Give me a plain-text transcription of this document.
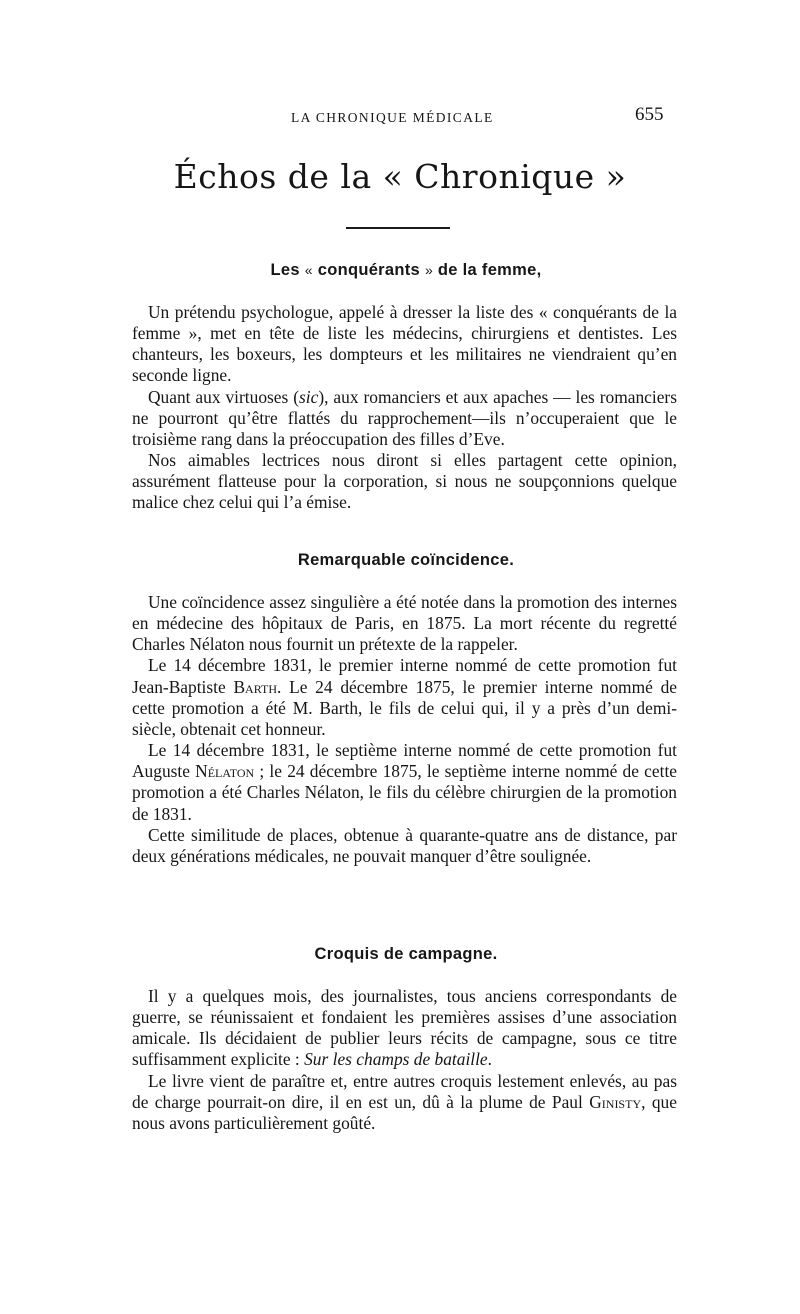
LA CHRONIQUE MÉDICALE	655
Échos de la « Chronique »
Les « conquérants » de la femme,

Un prétendu psychologue, appelé à dresser la liste des « conquérants de la femme », met en tête de liste les médecins, chirurgiens et dentistes. Les chanteurs, les boxeurs, les dompteurs et les militaires ne viendraient qu’en seconde ligne.

Quant aux virtuoses (sic), aux romanciers et aux apaches — les romanciers ne pourront qu’être flattés du rapprochement—ils n’occuperaient que le troisième rang dans la préoccupation des filles d’Eve.

Nos aimables lectrices nous diront si elles partagent cette opinion, assurément flatteuse pour la corporation, si nous ne soupçonnions quelque malice chez celui qui l’a émise.

Remarquable coïncidence.

Une coïncidence assez singulière a été notée dans la promotion des internes en médecine des hôpitaux de Paris, en 1875. La mort récente du regretté Charles Nélaton nous fournit un prétexte de la rappeler.

Le 14 décembre 1831, le premier interne nommé de cette promotion fut Jean-Baptiste Barth. Le 24 décembre 1875, le premier interne nommé de cette promotion a été M. Barth, le fils de celui qui, il y a près d’un demi-siècle, obtenait cet honneur.

Le 14 décembre 1831, le septième interne nommé de cette promotion fut Auguste Nélaton ; le 24 décembre 1875, le septième interne nommé de cette promotion a été Charles Nélaton, le fils du célèbre chirurgien de la promotion de 1831.

Cette similitude de places, obtenue à quarante-quatre ans de distance, par deux générations médicales, ne pouvait manquer d’être soulignée.

Croquis de campagne.

Il y a quelques mois, des journalistes, tous anciens correspondants de guerre, se réunissaient et fondaient les premières assises d’une association amicale. Ils décidaient de publier leurs récits de campagne, sous ce titre suffisamment explicite : Sur les champs de bataille.

Le livre vient de paraître et, entre autres croquis lestement enlevés, au pas de charge pourrait-on dire, il en est un, dû à la plume de Paul Ginisty, que nous avons particulièrement goûté.
